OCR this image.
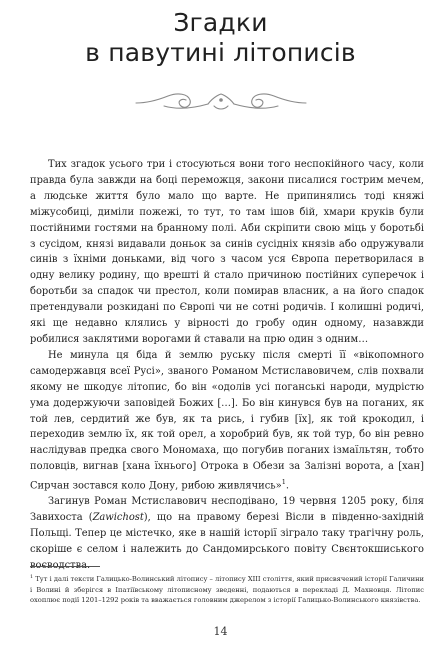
Згадки
в павутині літописів

Тих згадок усього три і стосуються вони того неспокійного часу, коли правда була завжди на боці переможця, закони писалися гострим мечем, а людське життя було мало що варте. Не припинялись тоді княжі міжусобиці, диміли пожежі, то тут, то там ішов бій, хмари круків були постійними гостями на бранному полі. Аби скріпити свою міць у боротьбі з сусідом, князі видавали доньок за синів сусідніх князів або одружували синів з їхніми доньками, від чого з часом уся Європа перетворилася в одну велику родину, що врешті й стало причиною постійних суперечок і боротьби за спадок чи престол, коли помирав власник, а на його спадок претендували розкидані по Європі чи не сотні родичів. І колишні родичі, які ще недавно клялись у вірності до гробу один одному, назавжди робилися заклятими ворогами й ставали на прю один з одним…

Не минула ця біда й землю руську після смерті її «вікопомного самодержавця всеї Русі», званого Романом Мстиславовичем, слів похвали якому не шкодує літопис, бо він «одолів усі поганські народи, мудрістю ума додержуючи заповідей Божих […]. Бо він кинувся був на поганих, як той лев, сердитий же був, як та рись, і губив [їх], як той крокодил, і переходив землю їх, як той орел, а хоробрий був, як той тур, бо він ревно наслідував предка свого Мономаха, що погубив поганих ізмаїльтян, тобто половців, вигнав [хана їхнього] Отрока в Обези за Залізні ворота, а [хан] Сирчан зостався коло Дону, рибою живлячись»$^1$.

Загинув Роман Мстиславович несподівано, 19 червня 1205 року, біля Завихоста (Zawichost), що на правому березі Вісли в південно-західній Польщі. Тепер це містечко, яке в нашій історії зіграло таку трагічну роль, скоріше є селом і належить до Сандомирського повіту Свєнтокшиського воєводства.

$^1$ Тут і далі тексти Галицько-Волинський літопису – літопису XIII століття, який присвячений історії Галичини і Волині й зберігся в Іпатіївському літописному зведенні, подаються в перекладі Д. Махновця. Літопис охоплює події 1201–1292 років та вважається головним джерелом з історії Галицько-Волинського князівства.

14
